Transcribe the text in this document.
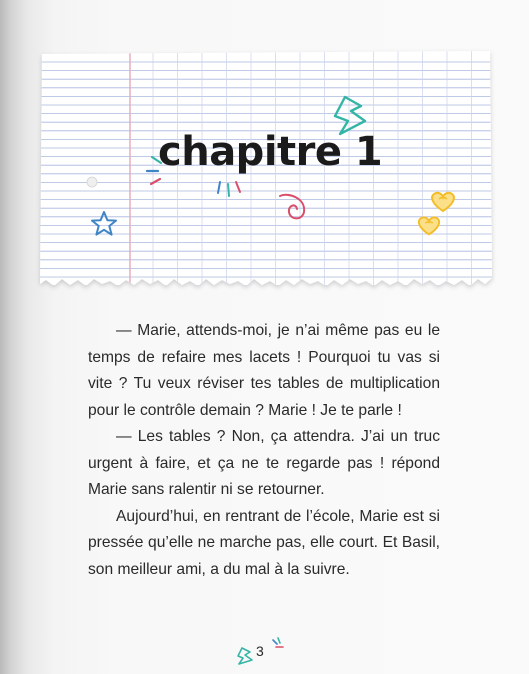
chapitre 1

— Marie, attends-moi, je n’ai même pas eu le temps de refaire mes lacets ! Pourquoi tu vas si vite ? Tu veux réviser tes tables de multiplication pour le contrôle demain ? Marie ! Je te parle !

— Les tables ? Non, ça attendra. J’ai un truc urgent à faire, et ça ne te regarde pas ! répond Marie sans ralentir ni se retourner.

Aujourd’hui, en rentrant de l’école, Marie est si pressée qu’elle ne marche pas, elle court. Et Basil, son meilleur ami, a du mal à la suivre.

3
